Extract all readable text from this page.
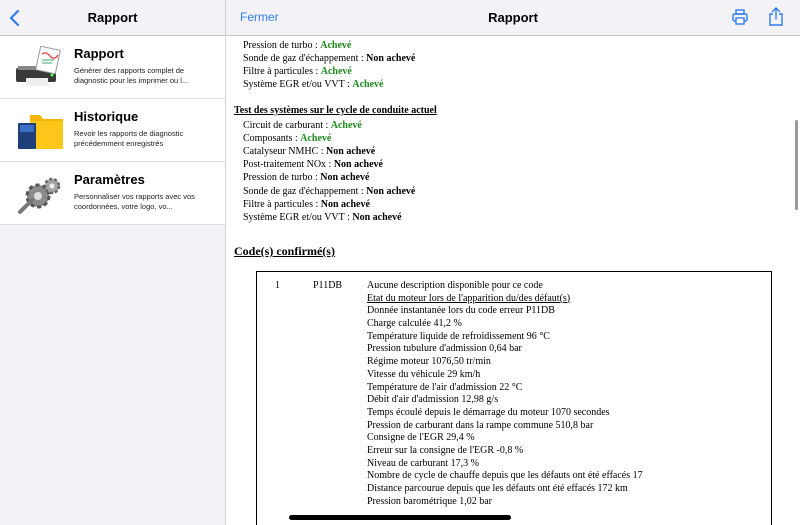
Rapport
Rapport
Générer des rapports complet de diagnostic pour les imprimer ou l...
Historique
Revoir les rapports de diagnostic précédemment enregistrés
Paramètres
Personnaliser vos rapports avec vos coordonnées, votre logo, vo...
Fermer	Rapport
Pression de turbo : Achevé
Sonde de gaz d'échappement : Non achevé
Filtre à particules : Achevé
Système EGR et/ou VVT : Achevé
Test des systèmes sur le cycle de conduite actuel
Circuit de carburant : Achevé
Composants : Achevé
Catalyseur NMHC : Non achevé
Post-traitement NOx : Non achevé
Pression de turbo : Non achevé
Sonde de gaz d'échappement : Non achevé
Filtre à particules : Non achevé
Système EGR et/ou VVT : Non achevé
Code(s) confirmé(s)
1	P11DB Aucune description disponible pour ce code
Etat du moteur lors de l'apparition du/des défaut(s)
Donnée instantanée lors du code erreur P11DB
Charge calculée 41,2 %
Température liquide de refroidissement 96 °C
Pression tubulure d'admission 0,64 bar
Régime moteur 1076,50 tr/min
Vitesse du véhicule 29 km/h
Température de l'air d'admission 22 °C
Débit d'air d'admission 12,98 g/s
Temps écoulé depuis le démarrage du moteur 1070 secondes
Pression de carburant dans la rampe commune 510,8 bar
Consigne de l'EGR 29,4 %
Erreur sur la consigne de l'EGR -0,8 %
Niveau de carburant 17,3 %
Nombre de cycle de chauffe depuis que les défauts ont été effacés 17
Distance parcourue depuis que les défauts ont été effacés 172 km
Pression barométrique 1,02 bar
